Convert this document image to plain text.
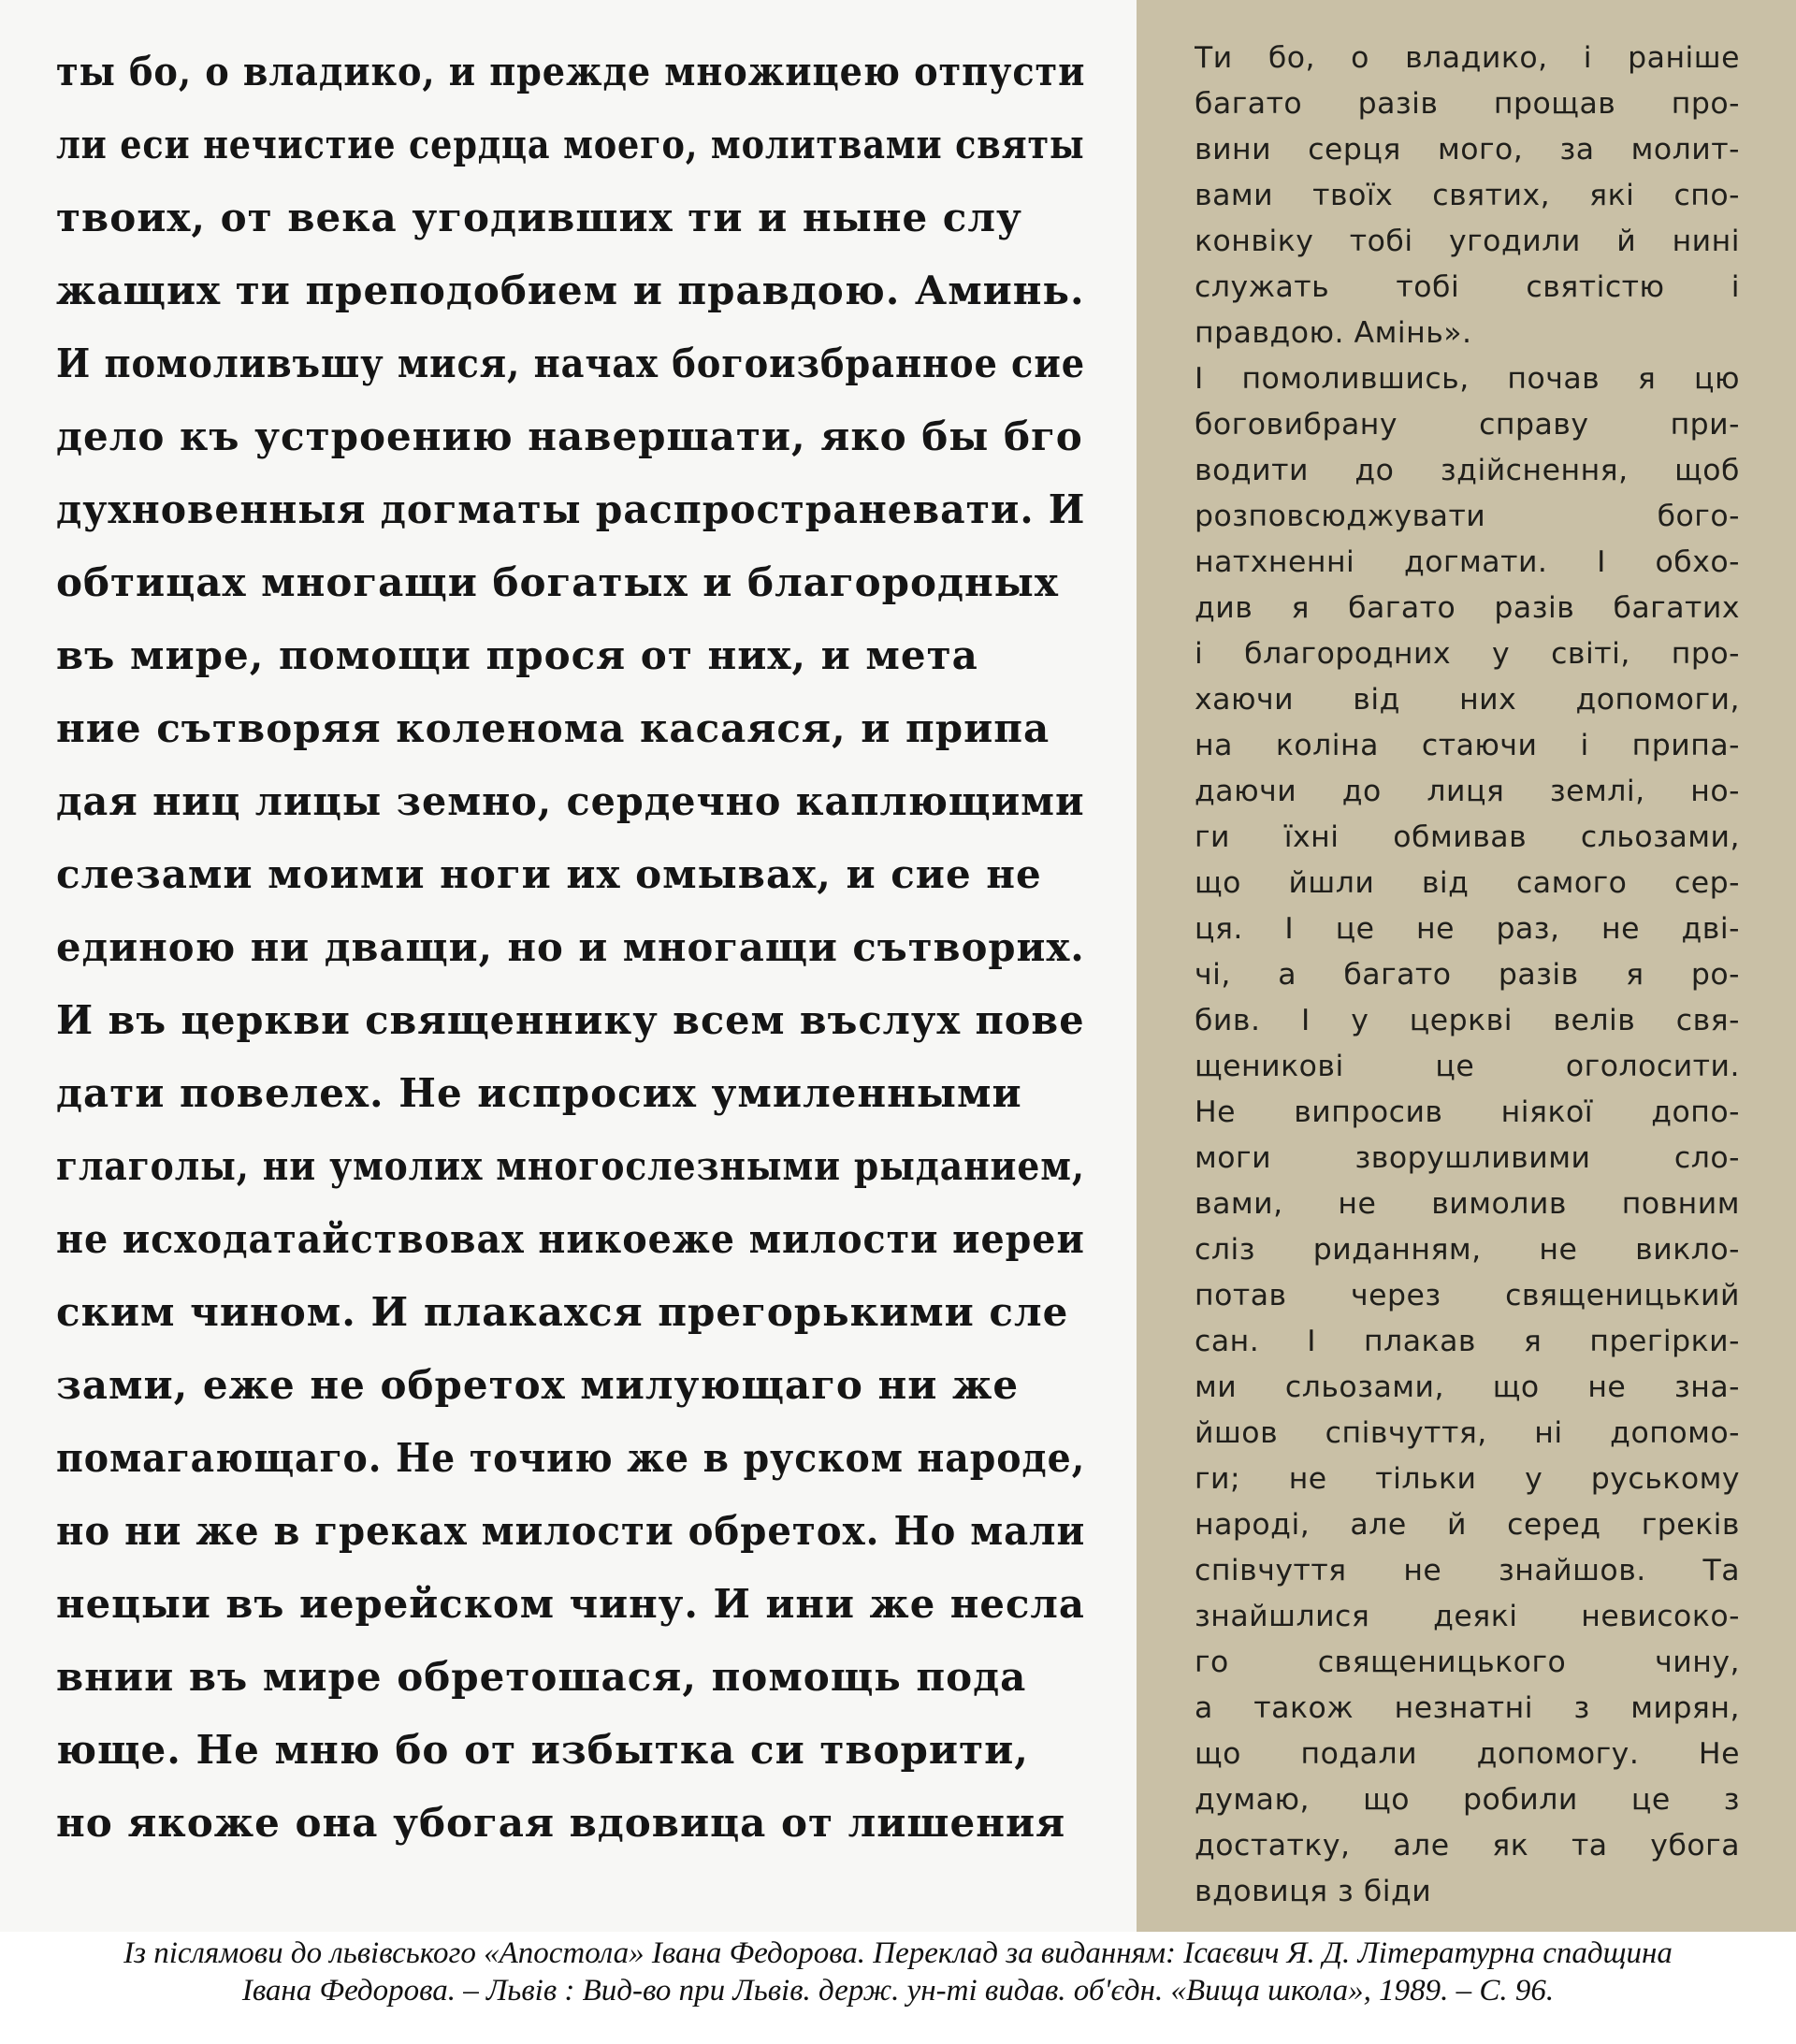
ты бо, о владико, и прежде множицею отпусти
ли еси нечистие сердца моего, молитвами святы
твоих, от века угодивших ти и ныне слу
жащих ти преподобием и правдою. Аминь.
И помоливъшу мися, начах богоизбранное сие
дело къ устроению навершати, яко бы бго
духновенныя догматы распространевати. И
обтицах многащи богатых и благородных
въ мире, помощи прося от них, и мета
ние сътворяя коленома касаяся, и припа
дая ниц лицы земно, сердечно каплющими
слезами моими ноги их омывах, и сие не
единою ни дващи, но и многащи сътворих.
И въ церкви священнику всем въслух пове
дати повелех. Не испросих умиленными
глаголы, ни умолих многослезными рыданием,
не исходатайствовах никоеже милости иереи
ским чином. И плакахся прегорькими сле
зами, еже не обретох милующаго ни же
помагающаго. Не точию же в руском народе,
но ни же в греках милости обретох. Но мали
нецыи въ иерейском чину. И ини же несла
внии въ мире обретошася, помощь пода
юще. Не мню бо от избытка си творити,
но якоже она убогая вдовица от лишения
Ти бо, о владико, і раніше
багато разів прощав про-
вини серця мого, за молит-
вами твоїх святих, які спо-
конвіку тобі угодили й нині
служать тобі святістю і
правдою. Амінь».
І помолившись, почав я цю
боговибрану справу при-
водити до здійснення, щоб
розповсюджувати бого-
натхненні догмати. І обхо-
див я багато разів багатих
і благородних у світі, про-
хаючи від них допомоги,
на коліна стаючи і припа-
даючи до лиця землі, но-
ги їхні обмивав сльозами,
що йшли від самого сер-
ця. І це не раз, не дві-
чі, а багато разів я ро-
бив. І у церкві велів свя-
щеникові це оголосити.
Не випросив ніякої допо-
моги зворушливими сло-
вами, не вимолив повним
сліз риданням, не викло-
потав через священицький
сан. І плакав я прегірки-
ми сльозами, що не зна-
йшов співчуття, ні допомо-
ги; не тільки у руському
народі, але й серед греків
співчуття не знайшов. Та
знайшлися деякі невисоко-
го священицького чину,
а також незнатні з мирян,
що подали допомогу. Не
думаю, що робили це з
достатку, але як та убога
вдовиця з біди
Із післямови до львівського «Апостола» Івана Федорова. Переклад за виданням: Ісаєвич Я. Д. Літературна спадщина
Івана Федорова. – Львів : Вид-во при Львів. держ. ун-ті видав. об'єдн. «Вища школа», 1989. – С. 96.
